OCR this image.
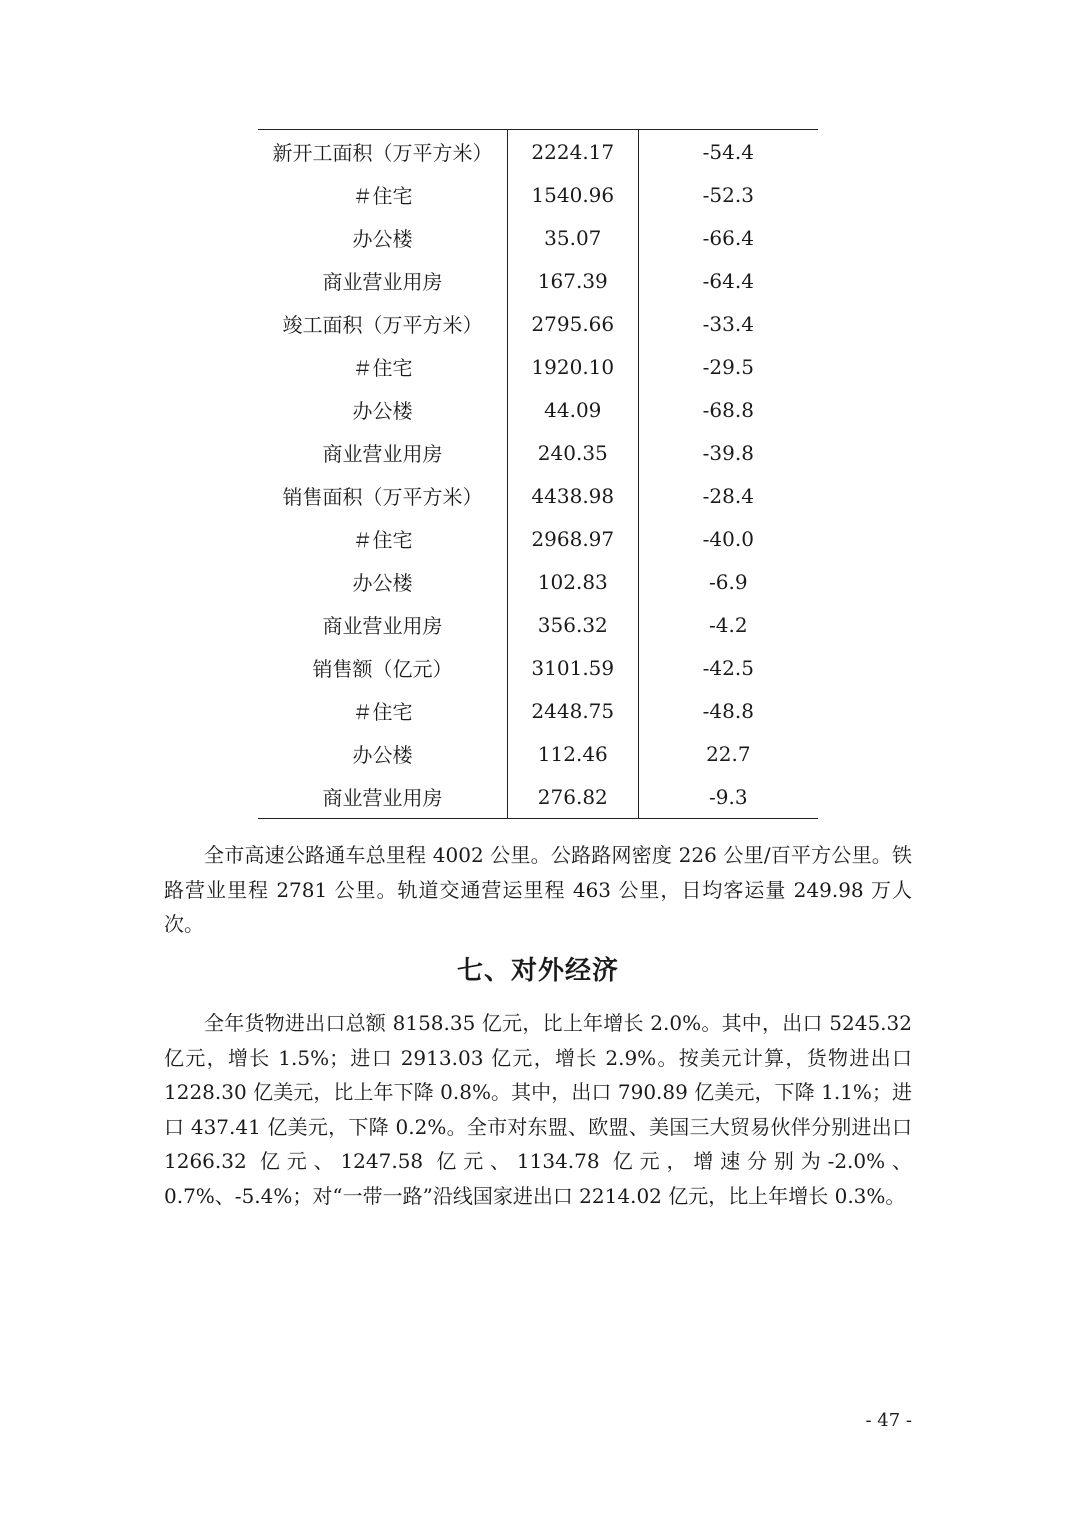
新开工面积（万平方米）	2224.17	-54.4
＃住宅	1540.96	-52.3
办公楼	35.07	-66.4
商业营业用房	167.39	-64.4
竣工面积（万平方米）	2795.66	-33.4
＃住宅	1920.10	-29.5
办公楼	44.09	-68.8
商业营业用房	240.35	-39.8
销售面积（万平方米）	4438.98	-28.4
＃住宅	2968.97	-40.0
办公楼	102.83	-6.9
商业营业用房	356.32	-4.2
销售额（亿元）	3101.59	-42.5
＃住宅	2448.75	-48.8
办公楼	112.46	22.7
商业营业用房	276.82	-9.3

全市高速公路通车总里程 4002 公里。公路路网密度 226 公里/百平方公里。铁路营业里程 2781 公里。轨道交通营运里程 463 公里，日均客运量 249.98 万人次。

七、对外经济

全年货物进出口总额 8158.35 亿元，比上年增长 2.0%。其中，出口 5245.32 亿元，增长 1.5%；进口 2913.03 亿元，增长 2.9%。按美元计算，货物进出口 1228.30 亿美元，比上年下降 0.8%。其中，出口 790.89 亿美元，下降 1.1%；进口 437.41 亿美元，下降 0.2%。全市对东盟、欧盟、美国三大贸易伙伴分别进出口 1266.32 亿元、1247.58 亿元、1134.78 亿元，增速分别为-2.0%、0.7%、-5.4%；对“一带一路”沿线国家进出口 2214.02 亿元，比上年增长 0.3%。

- 47 -
